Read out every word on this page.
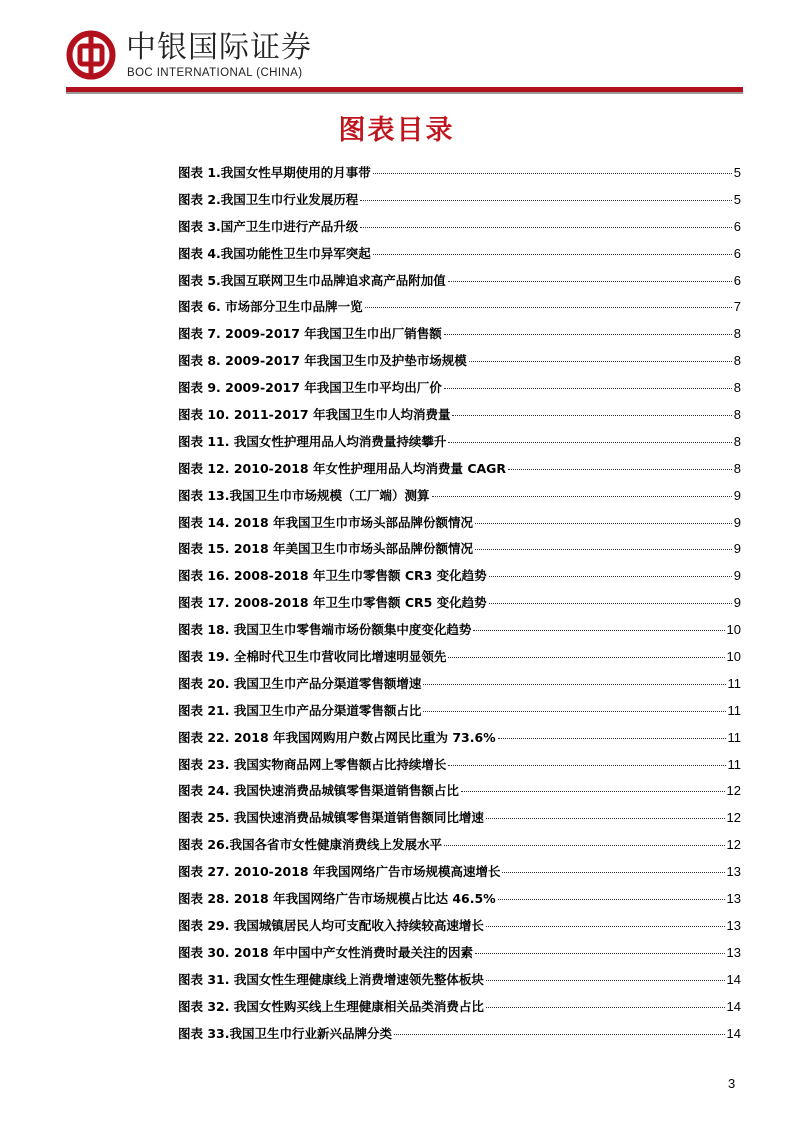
中银国际证券
BOC INTERNATIONAL (CHINA)
图表目录
图表 1.我国女性早期使用的月事带	5
图表 2.我国卫生巾行业发展历程	5
图表 3.国产卫生巾进行产品升级	6
图表 4.我国功能性卫生巾异军突起	6
图表 5.我国互联网卫生巾品牌追求高产品附加值	6
图表 6. 市场部分卫生巾品牌一览	7
图表 7. 2009-2017 年我国卫生巾出厂销售额	8
图表 8. 2009-2017 年我国卫生巾及护垫市场规模	8
图表 9. 2009-2017 年我国卫生巾平均出厂价	8
图表 10. 2011-2017 年我国卫生巾人均消费量	8
图表 11. 我国女性护理用品人均消费量持续攀升	8
图表 12. 2010-2018 年女性护理用品人均消费量 CAGR	8
图表 13.我国卫生巾市场规模（工厂端）测算	9
图表 14. 2018 年我国卫生巾市场头部品牌份额情况	9
图表 15. 2018 年美国卫生巾市场头部品牌份额情况	9
图表 16. 2008-2018 年卫生巾零售额 CR3 变化趋势	9
图表 17. 2008-2018 年卫生巾零售额 CR5 变化趋势	9
图表 18. 我国卫生巾零售端市场份额集中度变化趋势	10
图表 19. 全棉时代卫生巾营收同比增速明显领先	10
图表 20. 我国卫生巾产品分渠道零售额增速	11
图表 21. 我国卫生巾产品分渠道零售额占比	11
图表 22. 2018 年我国网购用户数占网民比重为 73.6%	11
图表 23. 我国实物商品网上零售额占比持续增长	11
图表 24. 我国快速消费品城镇零售渠道销售额占比	12
图表 25. 我国快速消费品城镇零售渠道销售额同比增速	12
图表 26.我国各省市女性健康消费线上发展水平	12
图表 27. 2010-2018 年我国网络广告市场规模高速增长	13
图表 28. 2018 年我国网络广告市场规模占比达 46.5%	13
图表 29. 我国城镇居民人均可支配收入持续较高速增长	13
图表 30. 2018 年中国中产女性消费时最关注的因素	13
图表 31. 我国女性生理健康线上消费增速领先整体板块	14
图表 32. 我国女性购买线上生理健康相关品类消费占比	14
图表 33.我国卫生巾行业新兴品牌分类	14
3
